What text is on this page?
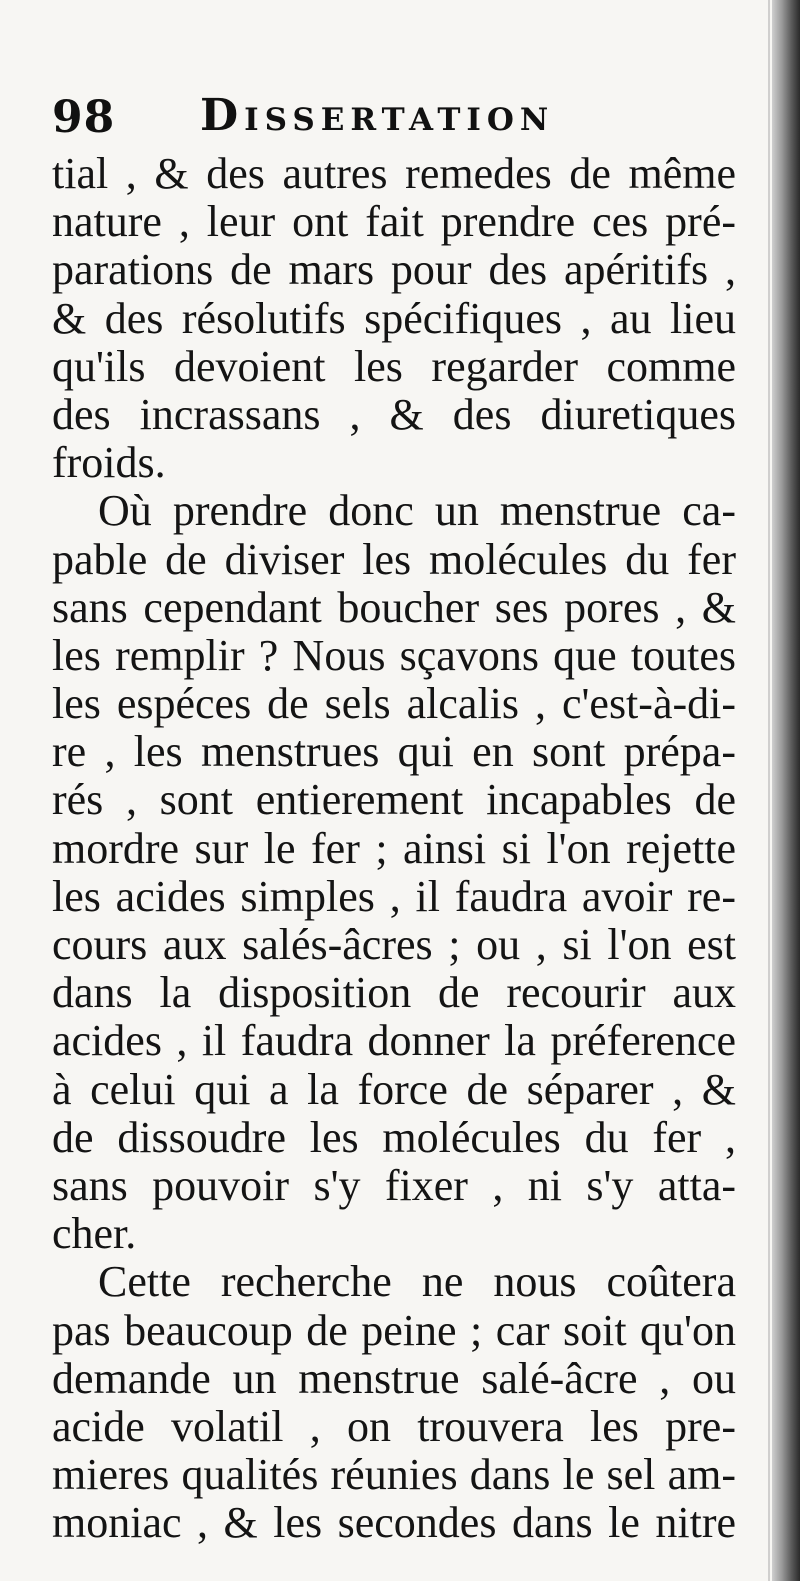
98 Dissertation
tial , & des autres remedes de même
nature , leur ont fait prendre ces pré-
parations de mars pour des apéritifs ,
& des résolutifs spécifiques , au lieu
qu'ils devoient les regarder comme
des incrassans , & des diuretiques
froids.
Où prendre donc un menstrue ca-
pable de diviser les molécules du fer
sans cependant boucher ses pores , &
les remplir ? Nous sçavons que toutes
les espéces de sels alcalis , c'est-à-di-
re , les menstrues qui en sont prépa-
rés , sont entierement incapables de
mordre sur le fer ; ainsi si l'on rejette
les acides simples , il faudra avoir re-
cours aux salés-âcres ; ou , si l'on est
dans la disposition de recourir aux
acides , il faudra donner la préference
à celui qui a la force de séparer , &
de dissoudre les molécules du fer ,
sans pouvoir s'y fixer , ni s'y atta-
cher.
Cette recherche ne nous coûtera
pas beaucoup de peine ; car soit qu'on
demande un menstrue salé-âcre , ou
acide volatil , on trouvera les pre-
mieres qualités réunies dans le sel am-
moniac , & les secondes dans le nitre
